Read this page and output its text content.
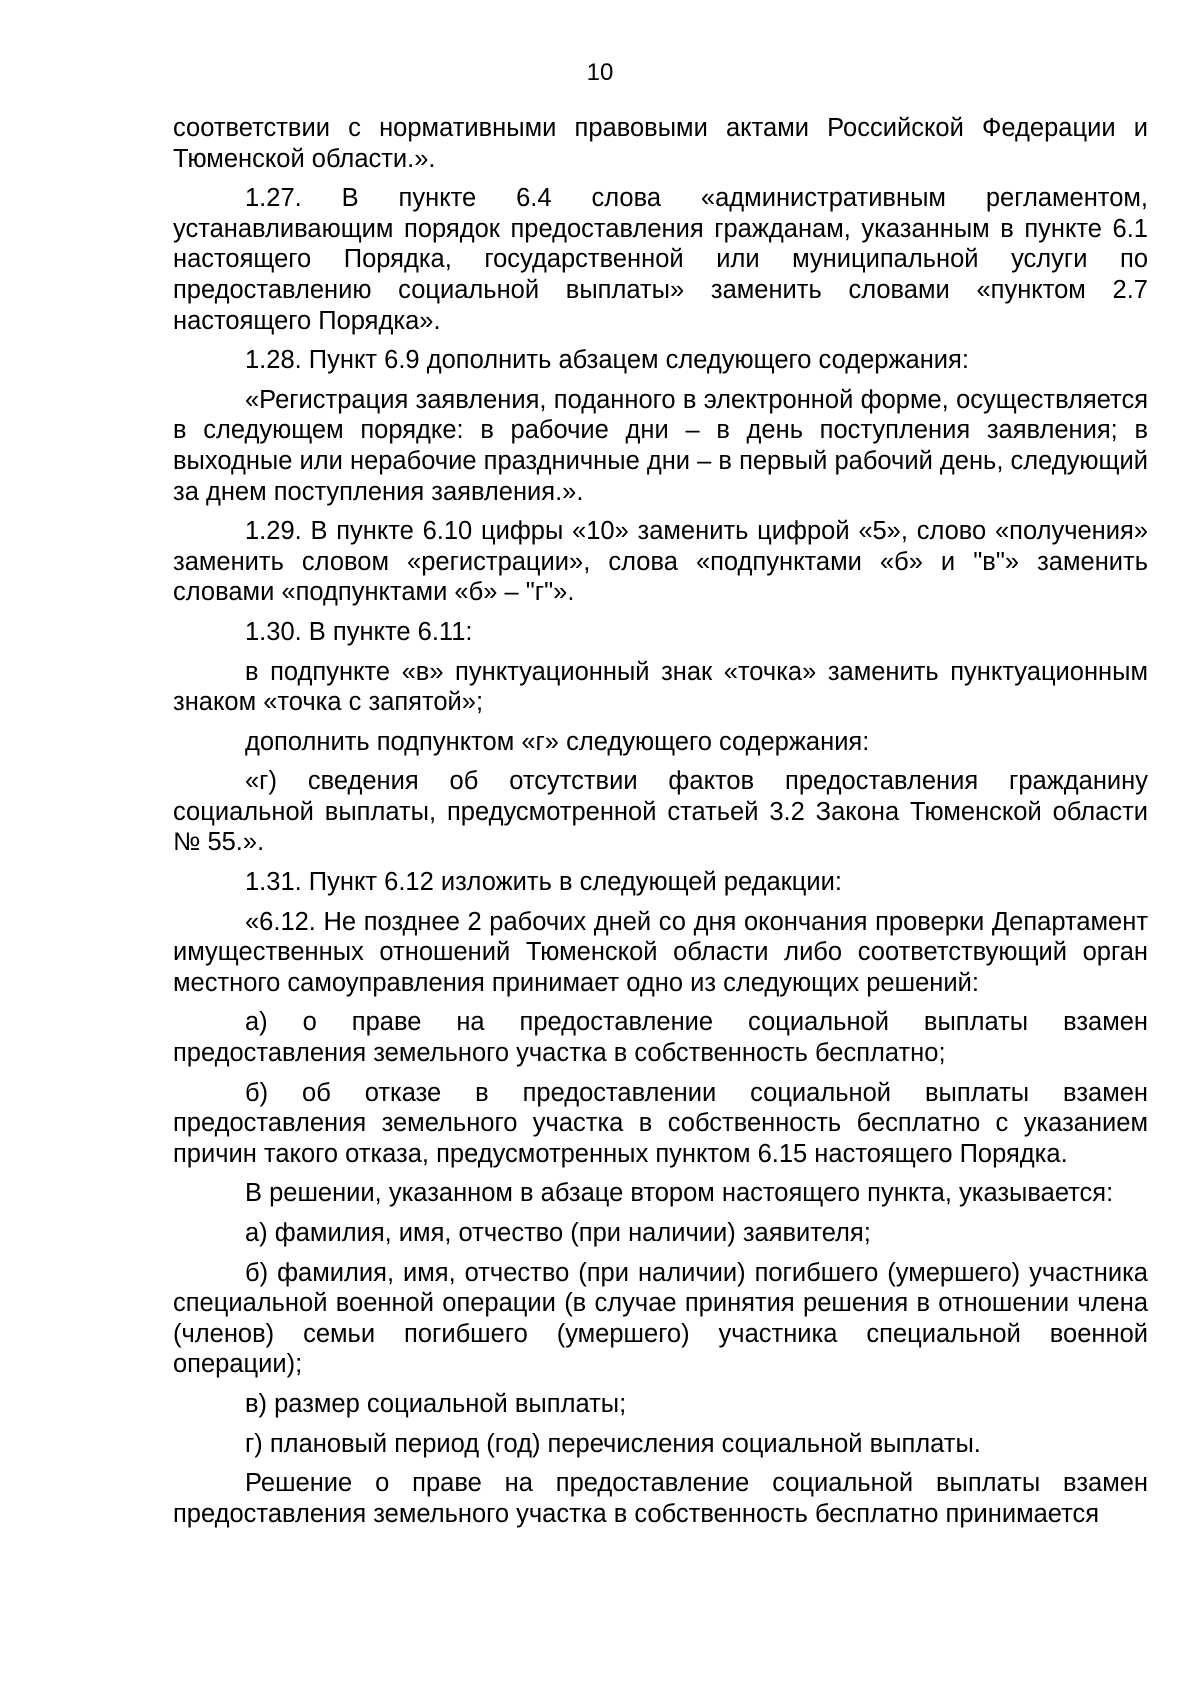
10

соответствии с нормативными правовыми актами Российской Федерации и Тюменской области.».

1.27. В пункте 6.4 слова «административным регламентом, устанавливающим порядок предоставления гражданам, указанным в пункте 6.1 настоящего Порядка, государственной или муниципальной услуги по предоставлению социальной выплаты» заменить словами «пунктом 2.7 настоящего Порядка».

1.28. Пункт 6.9 дополнить абзацем следующего содержания:

«Регистрация заявления, поданного в электронной форме, осуществляется в следующем порядке: в рабочие дни – в день поступления заявления; в выходные или нерабочие праздничные дни – в первый рабочий день, следующий за днем поступления заявления.».

1.29. В пункте 6.10 цифры «10» заменить цифрой «5», слово «получения» заменить словом «регистрации», слова «подпунктами «б» и "в"» заменить словами «подпунктами «б» – "г"».

1.30. В пункте 6.11:

в подпункте «в» пунктуационный знак «точка» заменить пунктуационным знаком «точка с запятой»;

дополнить подпунктом «г» следующего содержания:

«г) сведения об отсутствии фактов предоставления гражданину социальной выплаты, предусмотренной статьей 3.2 Закона Тюменской области № 55.».

1.31. Пункт 6.12 изложить в следующей редакции:

«6.12. Не позднее 2 рабочих дней со дня окончания проверки Департамент имущественных отношений Тюменской области либо соответствующий орган местного самоуправления принимает одно из следующих решений:

а) о праве на предоставление социальной выплаты взамен предоставления земельного участка в собственность бесплатно;

б) об отказе в предоставлении социальной выплаты взамен предоставления земельного участка в собственность бесплатно с указанием причин такого отказа, предусмотренных пунктом 6.15 настоящего Порядка.

В решении, указанном в абзаце втором настоящего пункта, указывается:

а) фамилия, имя, отчество (при наличии) заявителя;

б) фамилия, имя, отчество (при наличии) погибшего (умершего) участника специальной военной операции (в случае принятия решения в отношении члена (членов) семьи погибшего (умершего) участника специальной военной операции);

в) размер социальной выплаты;

г) плановый период (год) перечисления социальной выплаты.

Решение о праве на предоставление социальной выплаты взамен предоставления земельного участка в собственность бесплатно принимается
